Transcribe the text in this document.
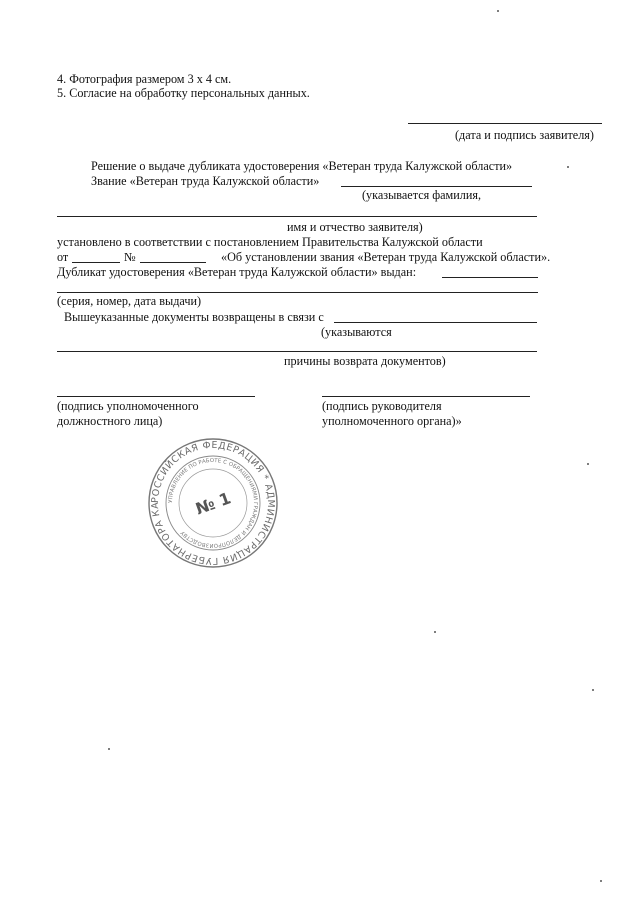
4. Фотография размером 3 х 4 см.
5. Согласие на обработку персональных данных.
(дата и подпись заявителя)
Решение о выдаче дубликата удостоверения «Ветеран труда Калужской области»
Звание «Ветеран труда Калужской области»
(указывается фамилия,
имя и отчество заявителя)
установлено в соответствии с постановлением Правительства Калужской области
от	№	«Об установлении звания «Ветеран труда Калужской области».
Дубликат удостоверения «Ветеран труда Калужской области» выдан:
(серия, номер, дата выдачи)
Вышеуказанные документы возвращены в связи с
(указываются
причины возврата документов)
(подпись уполномоченного
должностного лица)
(подпись руководителя
уполномоченного органа)»
РОССИЙСКАЯ ФЕДЕРАЦИЯ * АДМИНИСТРАЦИЯ ГУБЕРНАТОРА КА
УПРАВЛЕНИЕ ПО РАБОТЕ С ОБРАЩЕНИЯМИ ГРАЖДАН И ДЕЛОПРОИЗВОДСТВУ
№ 1
